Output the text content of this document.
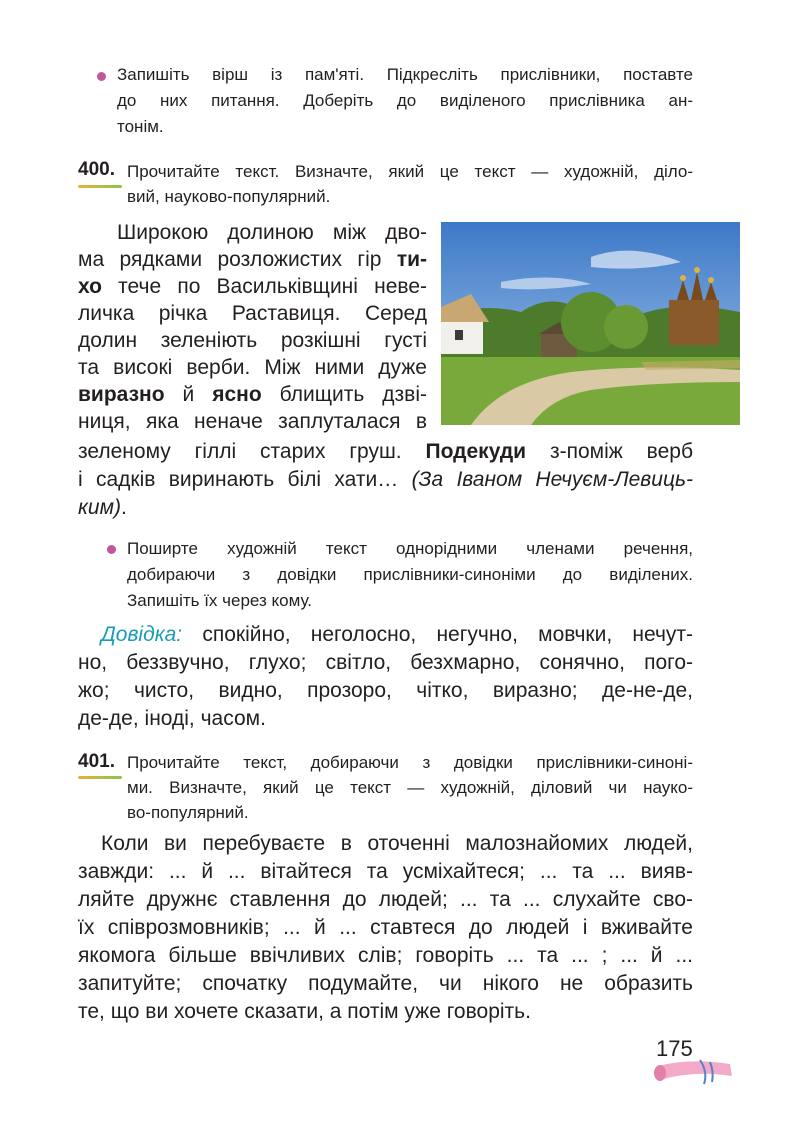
Запишіть вірш із пам'яті. Підкресліть прислівники, поставте
до них питання. Доберіть до виділеного прислівника ан-
тонім.
400. Прочитайте текст. Визначте, який це текст — художній, діло-
вий, науково-популярний.
Широкою долиною між дво-
ма рядками розложистих гір ти-
хо тече по Васильківщині неве-
личка річка Раставиця. Серед
долин зеленіють розкішні густі
та високі верби. Між ними дуже
виразно й ясно блищить дзві-
ниця, яка неначе заплуталася в
зеленому гіллі старих груш. Подекуди з-поміж верб
і садків виринають білі хати… (За Іваном Нечуєм-Левиць-
ким).
Поширте художній текст однорідними членами речення,
добираючи з довідки прислівники-синоніми до виділених.
Запишіть їх через кому.
Довідка: спокійно, неголосно, негучно, мовчки, нечут-
но, беззвучно, глухо; світло, безхмарно, сонячно, пого-
жо; чисто, видно, прозоро, чітко, виразно; де-не-де,
де-де, іноді, часом.
401. Прочитайте текст, добираючи з довідки прислівники-синоні-
ми. Визначте, який це текст — художній, діловий чи науко-
во-популярний.
Коли ви перебуваєте в оточенні малознайомих людей,
завжди: ... й ... вітайтеся та усміхайтеся; ... та ... вияв-
ляйте дружнє ставлення до людей; ... та ... слухайте сво-
їх співрозмовників; ... й ... ставтеся до людей і вживайте
якомога більше ввічливих слів; говоріть ... та ... ; ... й ...
запитуйте; спочатку подумайте, чи нікого не образить
те, що ви хочете сказати, а потім уже говоріть.
175
